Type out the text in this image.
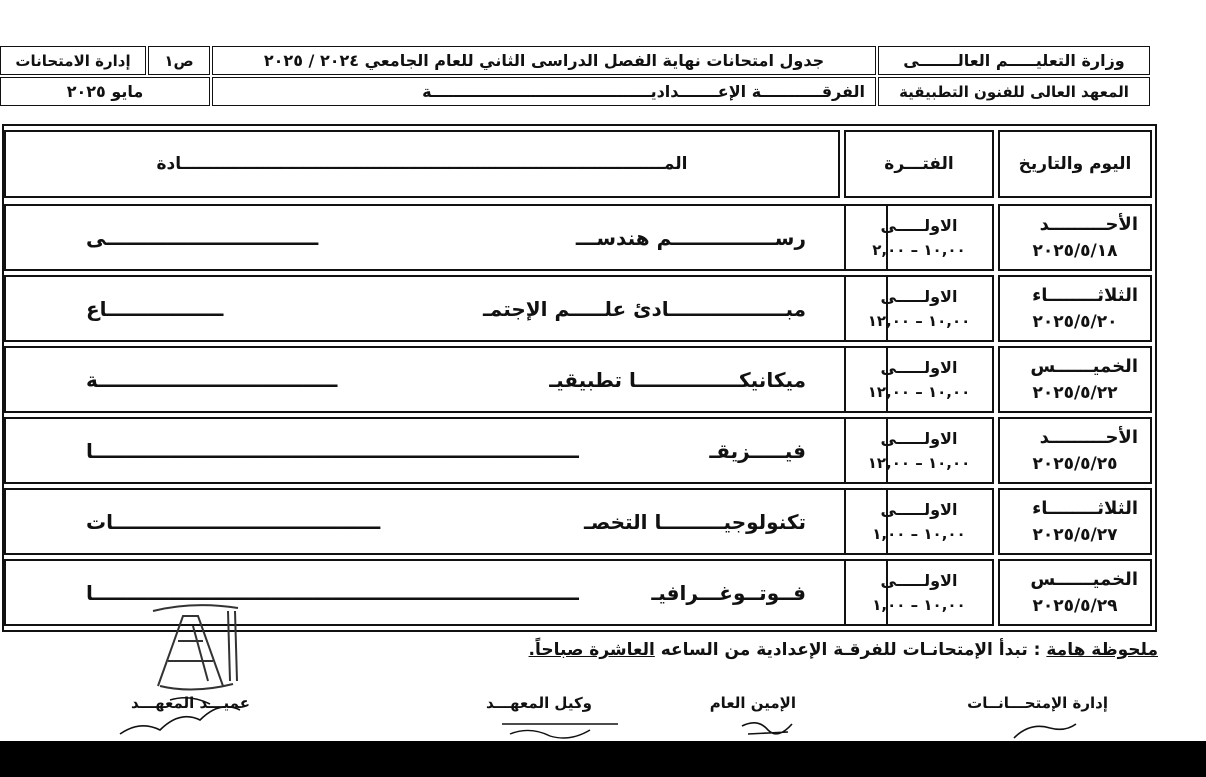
وزارة التعليـــــم العالـــــــى
المعهد العالى للفنون التطبيقية
جدول امتحانات نهاية الفصل الدراسى الثاني للعام الجامعي ٢٠٢٤ / ٢٠٢٥
الفرقـــــــــــة الإعـــــــداديــــــــــــــــــــــــــــــــــــــــة
ص١
إدارة الامتحانات
مايو ٢٠٢٥
اليوم والتاريخ
الفتـــرة
المـــــــــــــــــــــــــــــــــــــــــــــــــــــــــــــــــــــــــــــــــــادة
الأحـــــــــد
٢٠٢٥/٥/١٨
الاولـــــى
١٠,٠٠ – ٢,٠٠
رســـــــــــــــم هندســـ
ـــــــــــــــــــــــــــــــى
الثلاثــــــــاء
٢٠٢٥/٥/٢٠
الاولـــــى
١٠,٠٠ – ١٢,٠٠
مبـــــــــــــــــادئ علـــــم الإجتمـ
ـــــــــــــــــاع
الخميــــــس
٢٠٢٥/٥/٢٢
الاولـــــى
١٠,٠٠ – ١٢,٠٠
ميكانيكـــــــــــــــا تطبيقيـ
ـــــــــــــــــــــــــــــــــــة
الأحـــــــــد
٢٠٢٥/٥/٢٥
الاولـــــى
١٠,٠٠ – ١٢,٠٠
فيـــــزيقـ
ـــــــــــــــــــــــــــــــــــــــــــــــــــــــــــــــــــــــا
الثلاثــــــــاء
٢٠٢٥/٥/٢٧
الاولـــــى
١٠,٠٠ – ١,٠٠
تكنولوجيـــــــــا التخصـ
ـــــــــــــــــــــــــــــــــــــــات
الخميــــــس
٢٠٢٥/٥/٢٩
الاولـــــى
١٠,٠٠ – ١,٠٠
فــوتــوغـــرافيـ
ـــــــــــــــــــــــــــــــــــــــــــــــــــــــــــــــــــــــا
ملحوظة هامة : تبدأ الإمتحانـات للفرقـة الإعدادية من الساعه العاشرة صباحاً.
إدارة الإمتحـــانــات
الإمين العام
وكيل المعهـــد
عميـــد المعهـــد
